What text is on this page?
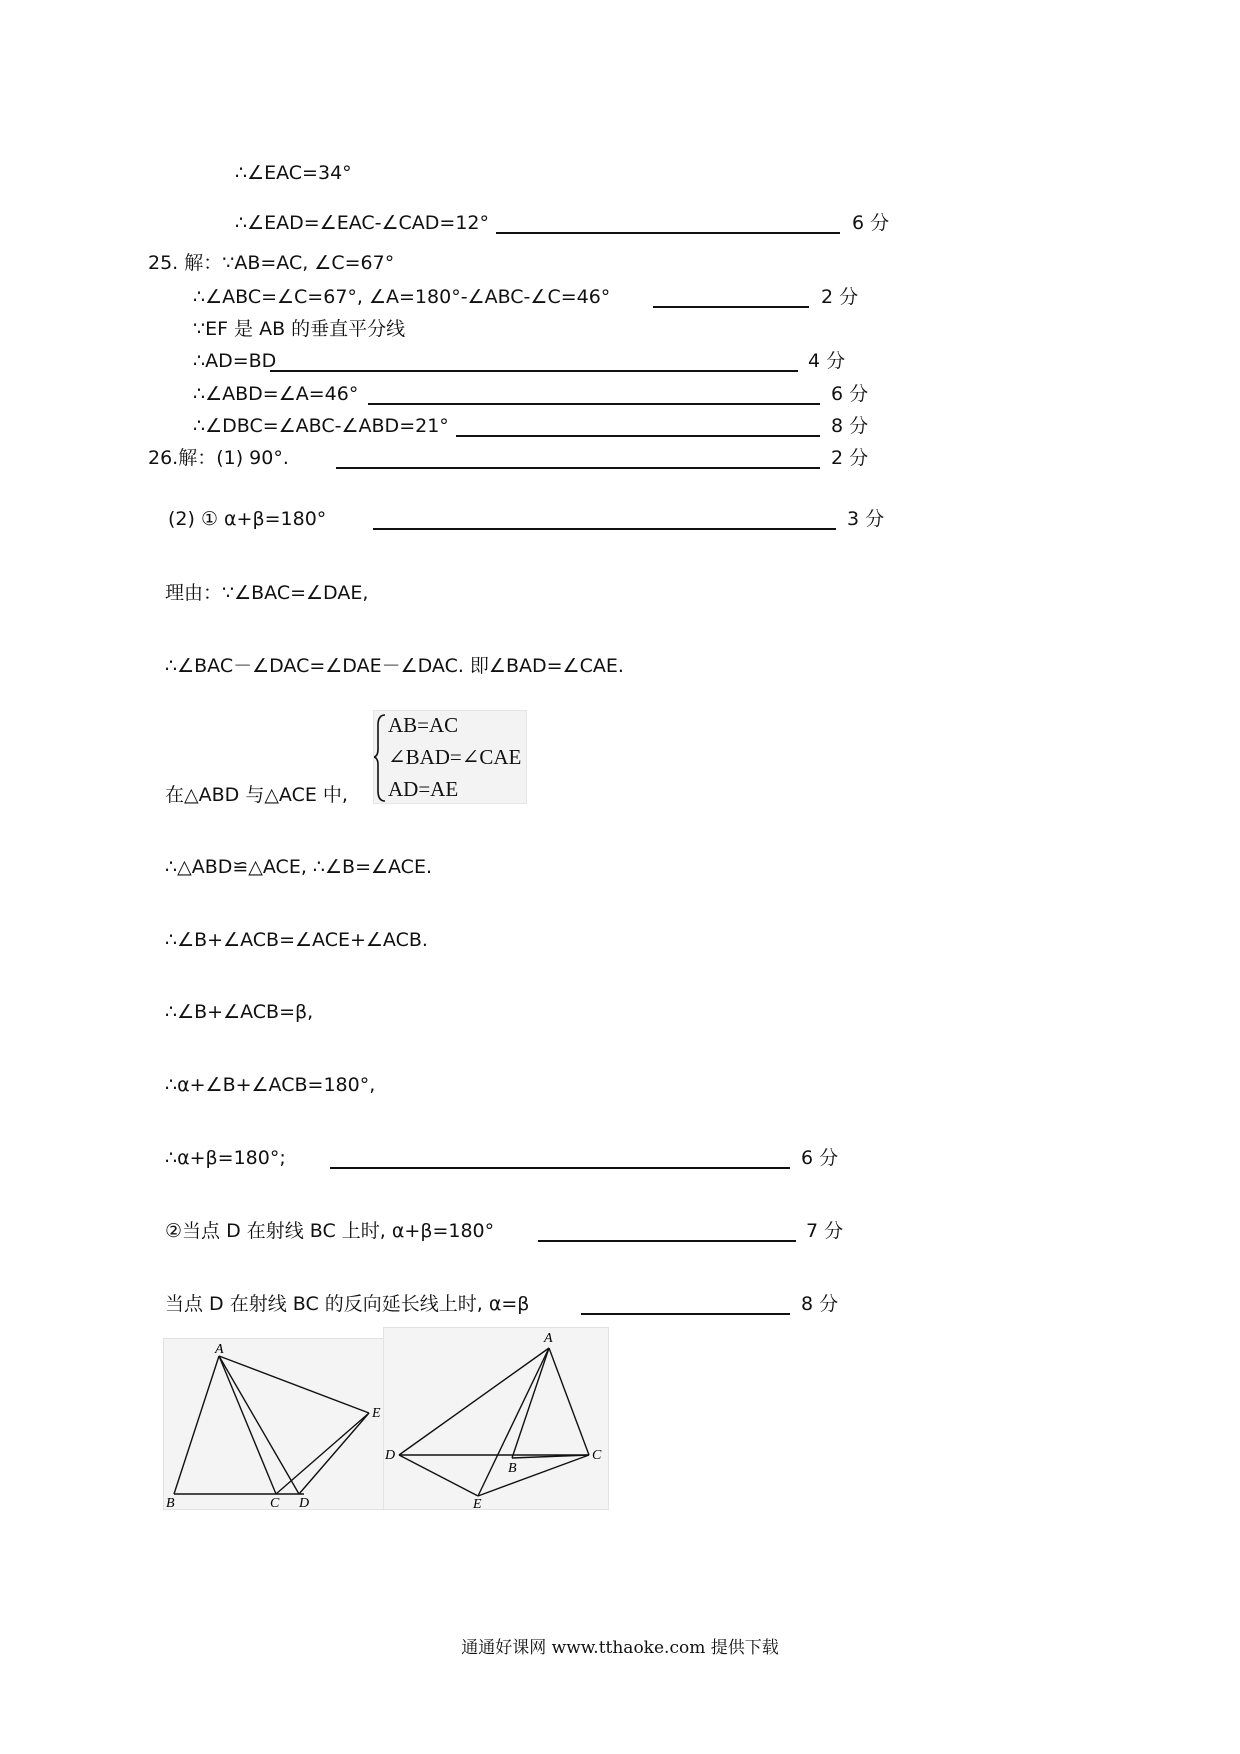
∴∠EAC=34°
∴∠EAD=∠EAC-∠CAD=12°	6 分
25. 解：∵AB=AC, ∠C=67°
∴∠ABC=∠C=67°, ∠A=180°-∠ABC-∠C=46°	2 分
∵EF 是 AB 的垂直平分线
∴AD=BD	4 分
∴∠ABD=∠A=46°	6 分
∴∠DBC=∠ABC-∠ABD=21°	8 分
26.解：(1) 90°.	2 分
(2) ① α+β=180°	3 分
理由：∵∠BAC=∠DAE,
∴∠BAC－∠DAC=∠DAE－∠DAC. 即∠BAD=∠CAE.
在△ABD 与△ACE 中,
AB=AC
∠BAD=∠CAE
AD=AE
∴△ABD≌△ACE, ∴∠B=∠ACE.
∴∠B+∠ACB=∠ACE+∠ACB.
∴∠B+∠ACB=β,
∴α+∠B+∠ACB=180°,
∴α+β=180°;	6 分
②当点 D 在射线 BC 上时, α+β=180°	7 分
当点 D 在射线 BC 的反向延长线上时, α=β	8 分
A
B	C D
E
A
B
C
D
E
通通好课网 www.tthaoke.com 提供下载
